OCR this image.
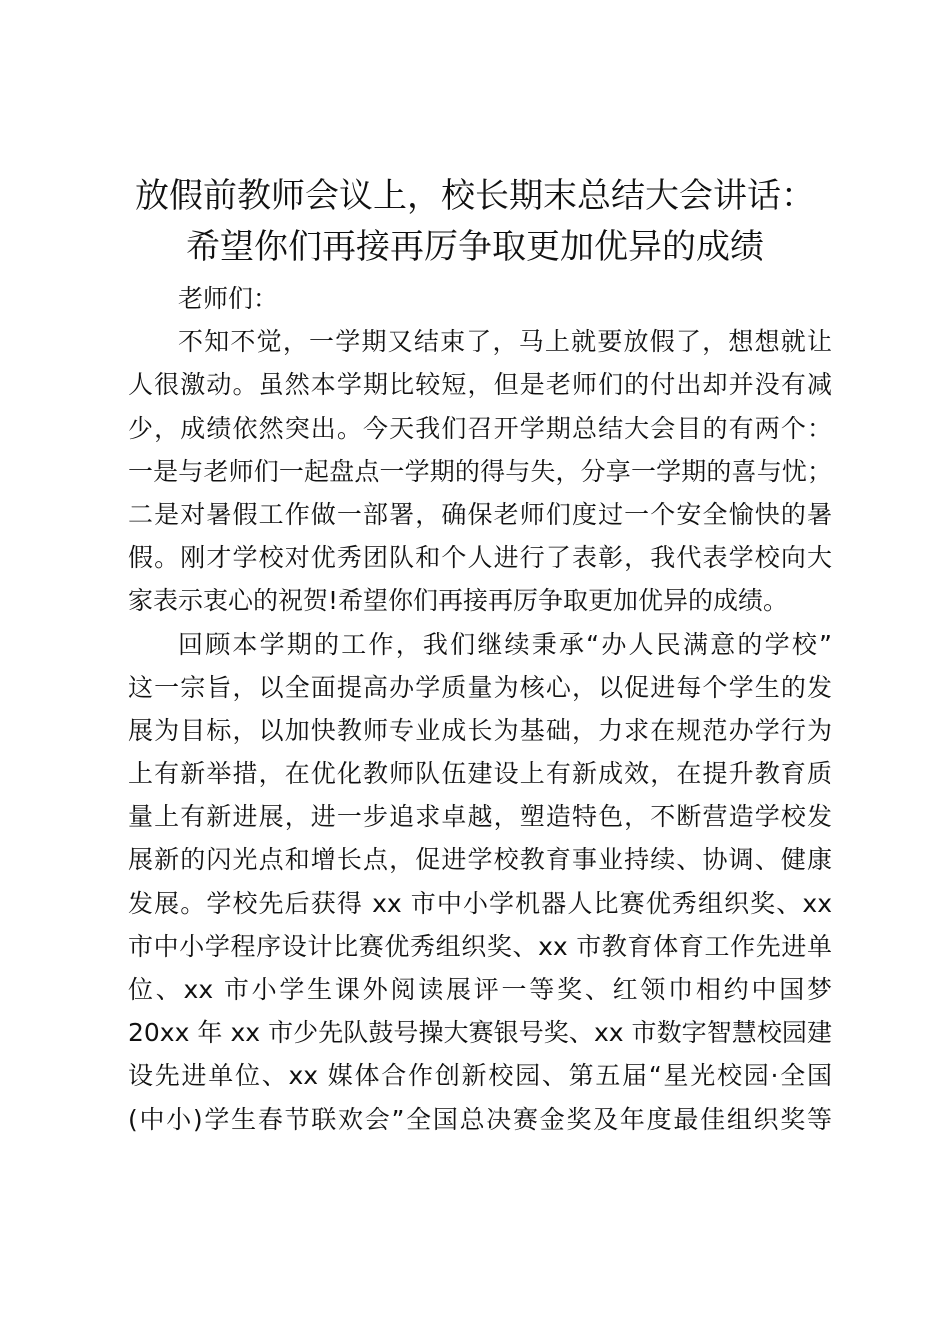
放假前教师会议上，校长期末总结大会讲话：
希望你们再接再厉争取更加优异的成绩
老师们：
不知不觉，一学期又结束了，马上就要放假了，想想就让
人很激动。虽然本学期比较短，但是老师们的付出却并没有减
少，成绩依然突出。今天我们召开学期总结大会目的有两个：
一是与老师们一起盘点一学期的得与失，分享一学期的喜与忧；
二是对暑假工作做一部署，确保老师们度过一个安全愉快的暑
假。刚才学校对优秀团队和个人进行了表彰，我代表学校向大
家表示衷心的祝贺!希望你们再接再厉争取更加优异的成绩。
回顾本学期的工作，我们继续秉承“办人民满意的学校”
这一宗旨，以全面提高办学质量为核心，以促进每个学生的发
展为目标，以加快教师专业成长为基础，力求在规范办学行为
上有新举措，在优化教师队伍建设上有新成效，在提升教育质
量上有新进展，进一步追求卓越，塑造特色，不断营造学校发
展新的闪光点和增长点，促进学校教育事业持续、协调、健康
发展。学校先后获得 xx 市中小学机器人比赛优秀组织奖、xx
市中小学程序设计比赛优秀组织奖、xx 市教育体育工作先进单
位、xx 市小学生课外阅读展评一等奖、红领巾相约中国梦
20xx 年 xx 市少先队鼓号操大赛银号奖、xx 市数字智慧校园建
设先进单位、xx 媒体合作创新校园、第五届“星光校园·全国
(中小)学生春节联欢会”全国总决赛金奖及年度最佳组织奖等
